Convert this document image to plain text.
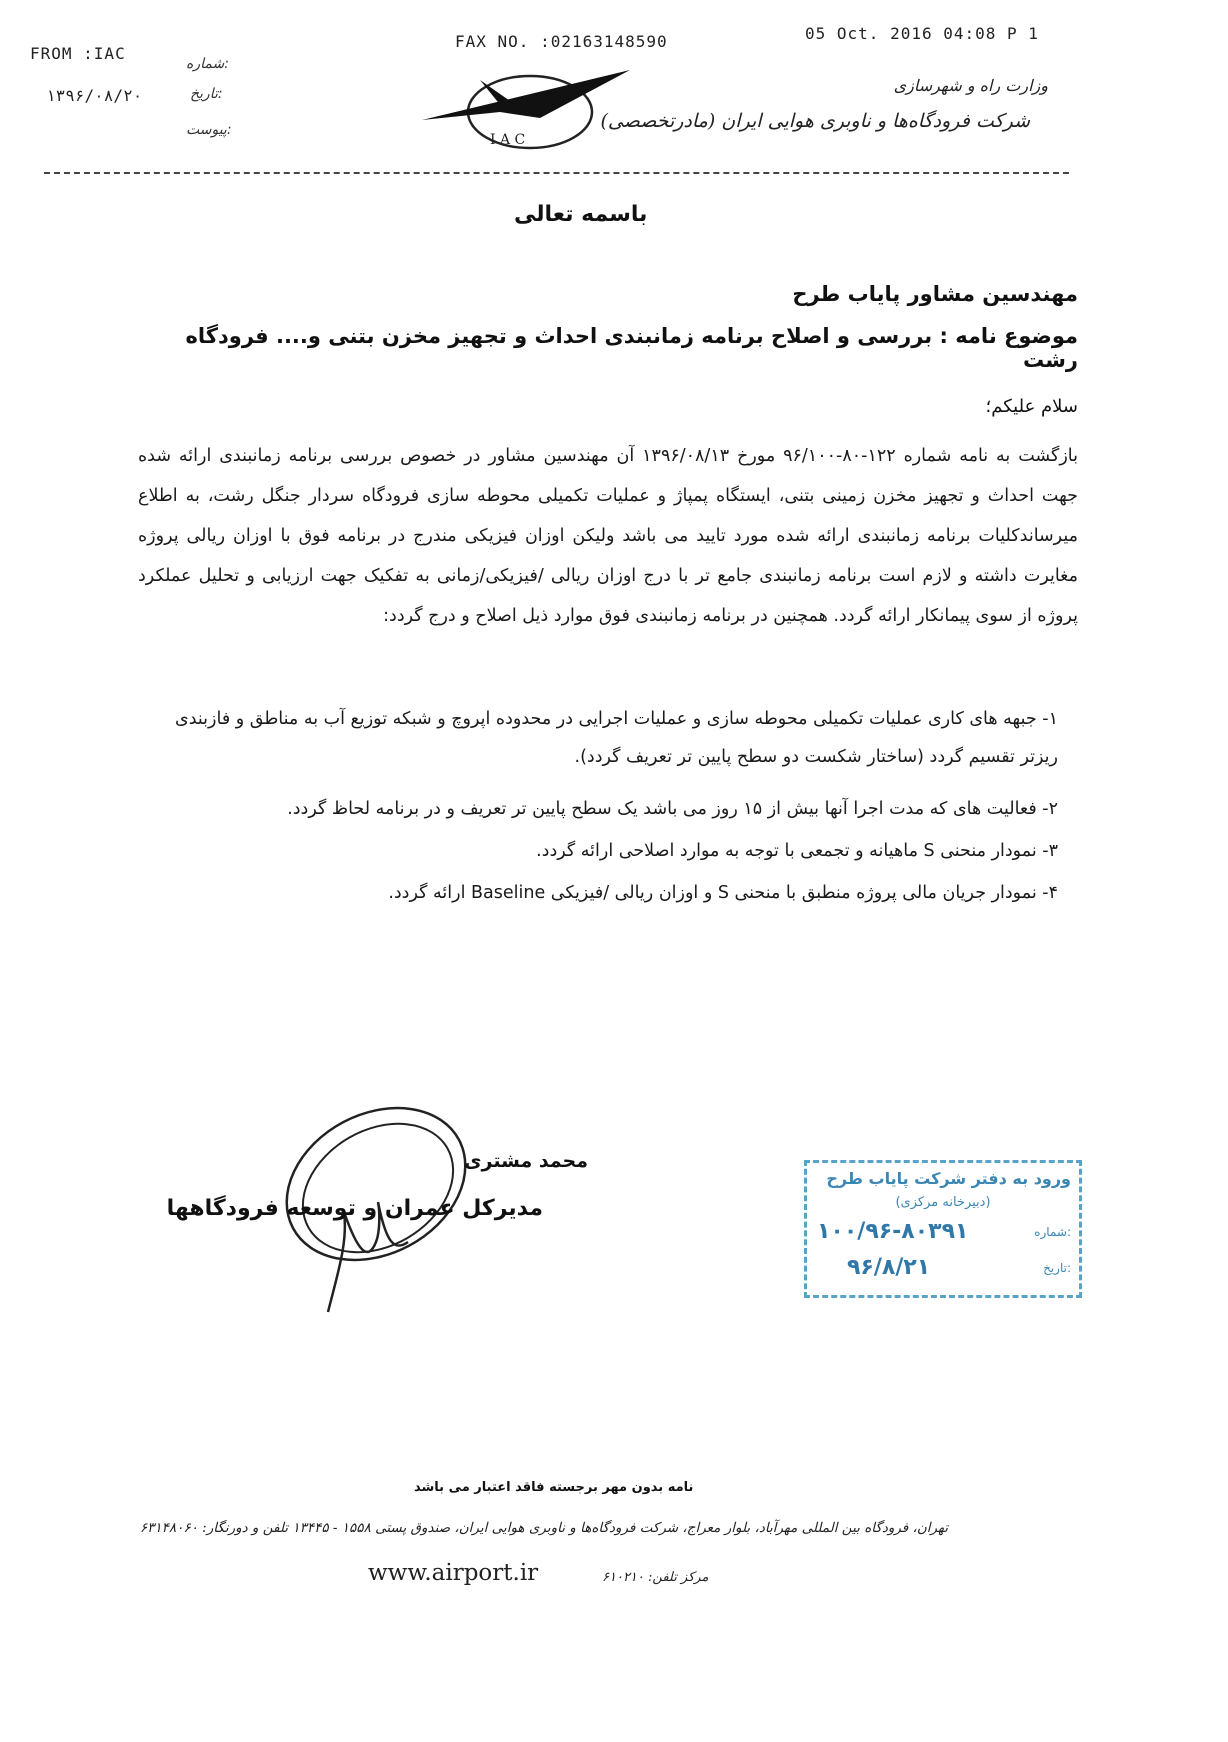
FROM :IAC
FAX NO. :02163148590	05 Oct. 2016 04:08 P 1
۱۳۹۶/۰۸/۲۰
شماره:
تاریخ:
پیوست:
I A C
وزارت راه و شهرسازی
شرکت فرودگاه‌ها و ناوبری هوایی ایران (مادرتخصصی)
باسمه تعالی
مهندسین مشاور پایاب طرح
موضوع نامه : بررسی و اصلاح برنامه زمانبندی احداث و تجهیز مخزن بتنی و.... فرودگاه رشت
سلام علیکم؛
بازگشت به نامه شماره ۱۲۲-۸۰-۹۶/۱۰۰ مورخ ۱۳۹۶/۰۸/۱۳ آن مهندسین مشاور در خصوص بررسی برنامه زمانبندی ارائه شده جهت احداث و تجهیز مخزن زمینی بتنی، ایستگاه پمپاژ و عملیات تکمیلی محوطه سازی فرودگاه سردار جنگل رشت، به اطلاع میرساندکلیات برنامه زمانبندی ارائه شده مورد تایید می باشد ولیکن اوزان فیزیکی مندرج در برنامه فوق با اوزان ریالی پروژه مغایرت داشته و لازم است برنامه زمانبندی جامع تر با درج اوزان ریالی /فیزیکی/زمانی به تفکیک جهت ارزیابی و تحلیل عملکرد پروژه از سوی پیمانکار ارائه گردد. همچنین در برنامه زمانبندی فوق موارد ذیل اصلاح و درج گردد:
۱- جبهه های کاری عملیات تکمیلی محوطه سازی و عملیات اجرایی در محدوده اپروچ و شبکه توزیع آب به مناطق و فازبندی ریزتر تقسیم گردد (ساختار شکست دو سطح پایین تر تعریف گردد).
۲- فعالیت های که مدت اجرا آنها بیش از ۱۵ روز می باشد یک سطح پایین تر تعریف و در برنامه لحاظ گردد.
۳- نمودار منحنی S ماهیانه و تجمعی با توجه به موارد اصلاحی ارائه گردد.
۴- نمودار جریان مالی پروژه منطبق با منحنی S و اوزان ریالی /فیزیکی Baseline ارائه گردد.
محمد مشتری
مدیرکل عمران و توسعه فرودگاهها
ورود به دفتر شرکت پایاب طرح
(دبیرخانه مرکزی)
شماره:
۱۰۰/۹۶-۸۰۳۹۱
تاریخ:
۹۶/۸/۲۱
نامه بدون مهر برجسته فاقد اعتبار می باشد
تهران، فرودگاه بین المللی مهرآباد، بلوار معراج، شرکت فرودگاه‌ها و ناوبری هوایی ایران، صندوق پستی ۱۵۵۸ - ۱۳۴۴۵ تلفن و دورنگار: ۶۳۱۴۸۰۶۰
مرکز تلفن: ۶۱۰۲۱۰
www.airport.ir
